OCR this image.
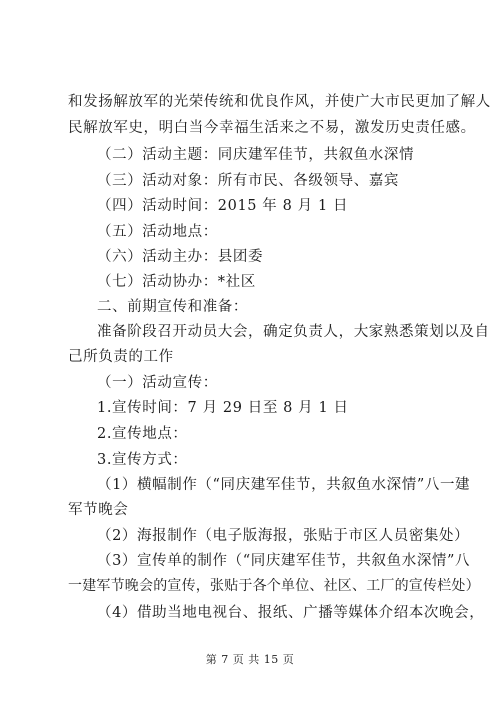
和发扬解放军的光荣传统和优良作风，并使广大市民更加了解人
民解放军史，明白当今幸福生活来之不易，激发历史责任感。
（二）活动主题：同庆建军佳节，共叙鱼水深情
（三）活动对象：所有市民、各级领导、嘉宾
（四）活动时间：2015 年 8 月 1 日
（五）活动地点：
（六）活动主办：县团委
（七）活动协办：*社区
二、前期宣传和准备：
准备阶段召开动员大会，确定负责人，大家熟悉策划以及自
己所负责的工作
（一）活动宣传：
1.宣传时间：7 月 29 日至 8 月 1 日
2.宣传地点：
3.宣传方式：
（1）横幅制作（“同庆建军佳节，共叙鱼水深情”八一建
军节晚会
（2）海报制作（电子版海报，张贴于市区人员密集处）
（3）宣传单的制作（“同庆建军佳节，共叙鱼水深情”八
一建军节晚会的宣传，张贴于各个单位、社区、工厂的宣传栏处）
（4）借助当地电视台、报纸、广播等媒体介绍本次晚会，
第 7 页 共 15 页
